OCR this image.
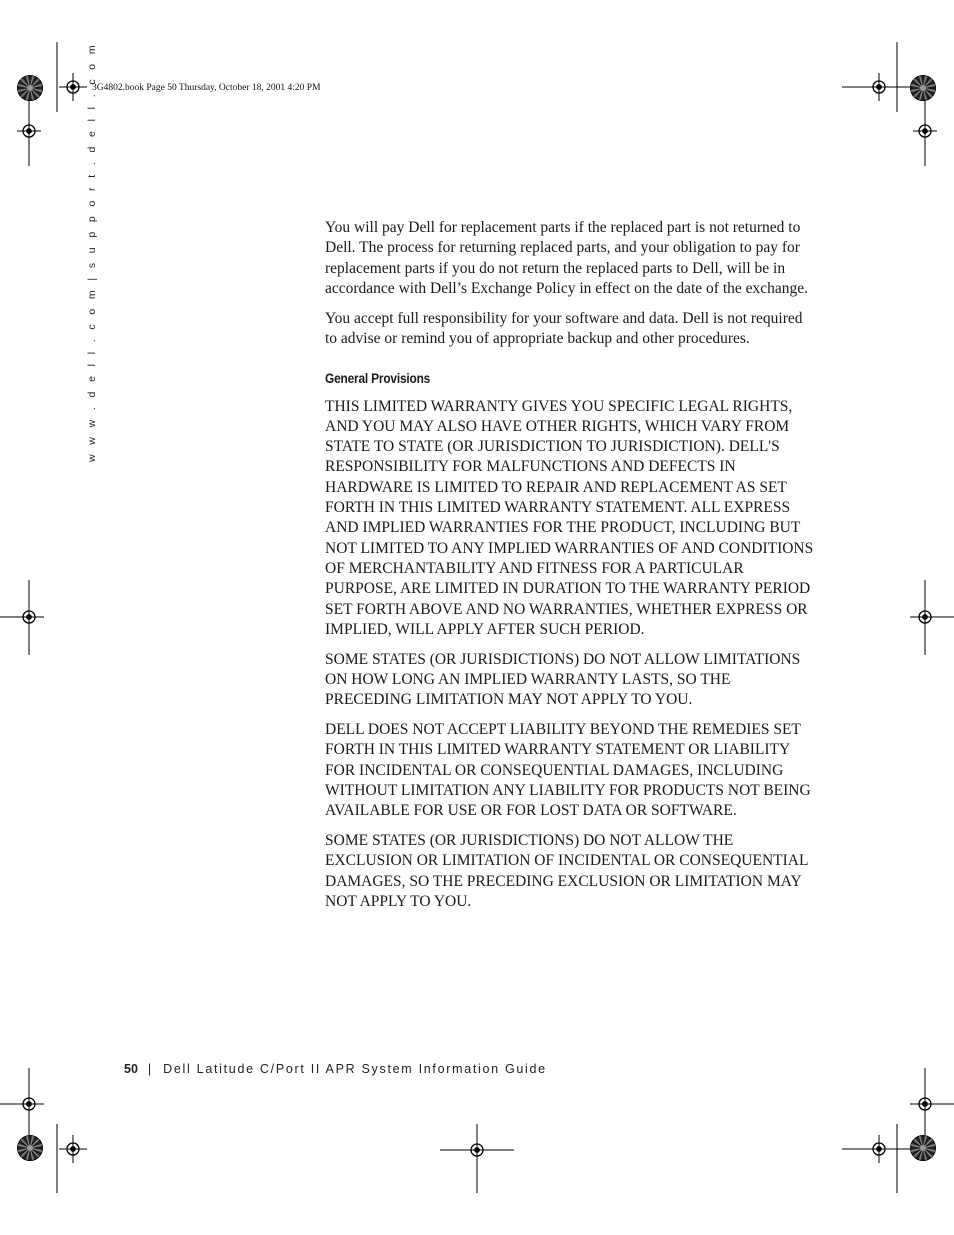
3G4802.book Page 50 Thursday, October 18, 2001 4:20 PM
w w w . d e l l . c o m | s u p p o r t . d e l l . c o m	You will pay Dell for replacement parts if the replaced part is not returned to Dell. The process for returning replaced parts, and your obligation to pay for replacement parts if you do not return the replaced parts to Dell, will be in accordance with Dell’s Exchange Policy in effect on the date of the exchange.

You accept full responsibility for your software and data. Dell is not required to advise or remind you of appropriate backup and other procedures.

General Provisions

THIS LIMITED WARRANTY GIVES YOU SPECIFIC LEGAL RIGHTS, AND YOU MAY ALSO HAVE OTHER RIGHTS, WHICH VARY FROM STATE TO STATE (OR JURISDICTION TO JURISDICTION). DELL'S RESPONSIBILITY FOR MALFUNCTIONS AND DEFECTS IN HARDWARE IS LIMITED TO REPAIR AND REPLACEMENT AS SET FORTH IN THIS LIMITED WARRANTY STATEMENT. ALL EXPRESS AND IMPLIED WARRANTIES FOR THE PRODUCT, INCLUDING BUT NOT LIMITED TO ANY IMPLIED WARRANTIES OF AND CONDITIONS OF MERCHANTABILITY AND FITNESS FOR A PARTICULAR PURPOSE, ARE LIMITED IN DURATION TO THE WARRANTY PERIOD SET FORTH ABOVE AND NO WARRANTIES, WHETHER EXPRESS OR IMPLIED, WILL APPLY AFTER SUCH PERIOD.

SOME STATES (OR JURISDICTIONS) DO NOT ALLOW LIMITATIONS ON HOW LONG AN IMPLIED WARRANTY LASTS, SO THE PRECEDING LIMITATION MAY NOT APPLY TO YOU.

DELL DOES NOT ACCEPT LIABILITY BEYOND THE REMEDIES SET FORTH IN THIS LIMITED WARRANTY STATEMENT OR LIABILITY FOR INCIDENTAL OR CONSEQUENTIAL DAMAGES, INCLUDING WITHOUT LIMITATION ANY LIABILITY FOR PRODUCTS NOT BEING AVAILABLE FOR USE OR FOR LOST DATA OR SOFTWARE.

SOME STATES (OR JURISDICTIONS) DO NOT ALLOW THE EXCLUSION OR LIMITATION OF INCIDENTAL OR CONSEQUENTIAL DAMAGES, SO THE PRECEDING EXCLUSION OR LIMITATION MAY NOT APPLY TO YOU.

50 | Dell Latitude C/Port II APR System Information Guide
